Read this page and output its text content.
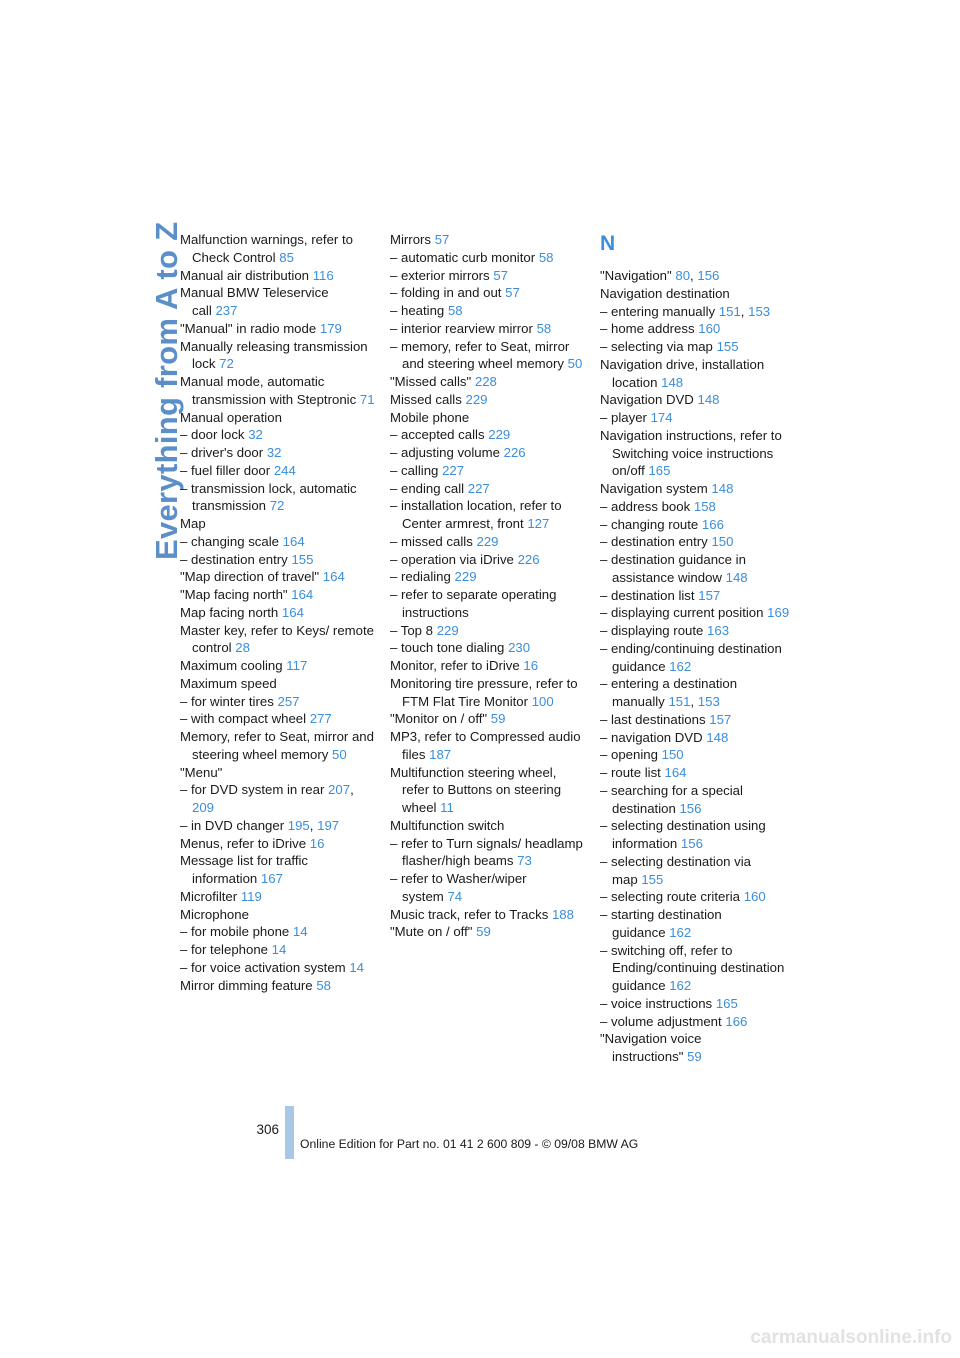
Everything from A to Z
Malfunction warnings, refer to Check Control 85
Manual air distribution 116
Manual BMW Teleservice call 237
"Manual" in radio mode 179
Manually releasing transmission lock 72
Manual mode, automatic transmission with Steptronic 71
Manual operation
– door lock 32
– driver's door 32
– fuel filler door 244
– transmission lock, automatic transmission 72
Map
– changing scale 164
– destination entry 155
"Map direction of travel" 164
"Map facing north" 164
Map facing north 164
Master key, refer to Keys/ remote control 28
Maximum cooling 117
Maximum speed
– for winter tires 257
– with compact wheel 277
Memory, refer to Seat, mirror and steering wheel memory 50
"Menu"
– for DVD system in rear 207, 209
– in DVD changer 195, 197
Menus, refer to iDrive 16
Message list for traffic information 167
Microfilter 119
Microphone
– for mobile phone 14
– for telephone 14
– for voice activation system 14
Mirror dimming feature 58
Mirrors 57
– automatic curb monitor 58
– exterior mirrors 57
– folding in and out 57
– heating 58
– interior rearview mirror 58
– memory, refer to Seat, mirror and steering wheel memory 50
"Missed calls" 228
Missed calls 229
Mobile phone
– accepted calls 229
– adjusting volume 226
– calling 227
– ending call 227
– installation location, refer to Center armrest, front 127
– missed calls 229
– operation via iDrive 226
– redialing 229
– refer to separate operating instructions
– Top 8 229
– touch tone dialing 230
Monitor, refer to iDrive 16
Monitoring tire pressure, refer to FTM Flat Tire Monitor 100
"Monitor on / off" 59
MP3, refer to Compressed audio files 187
Multifunction steering wheel, refer to Buttons on steering wheel 11
Multifunction switch
– refer to Turn signals/ headlamp flasher/high beams 73
– refer to Washer/wiper system 74
Music track, refer to Tracks 188
"Mute on / off" 59
N
"Navigation" 80, 156
Navigation destination
– entering manually 151, 153
– home address 160
– selecting via map 155
Navigation drive, installation location 148
Navigation DVD 148
– player 174
Navigation instructions, refer to Switching voice instructions on/off 165
Navigation system 148
– address book 158
– changing route 166
– destination entry 150
– destination guidance in assistance window 148
– destination list 157
– displaying current position 169
– displaying route 163
– ending/continuing destination guidance 162
– entering a destination manually 151, 153
– last destinations 157
– navigation DVD 148
– opening 150
– route list 164
– searching for a special destination 156
– selecting destination using information 156
– selecting destination via map 155
– selecting route criteria 160
– starting destination guidance 162
– switching off, refer to Ending/continuing destination guidance 162
– voice instructions 165
– volume adjustment 166
"Navigation voice instructions" 59
306
Online Edition for Part no. 01 41 2 600 809 - © 09/08 BMW AG
carmanualsonline.info
